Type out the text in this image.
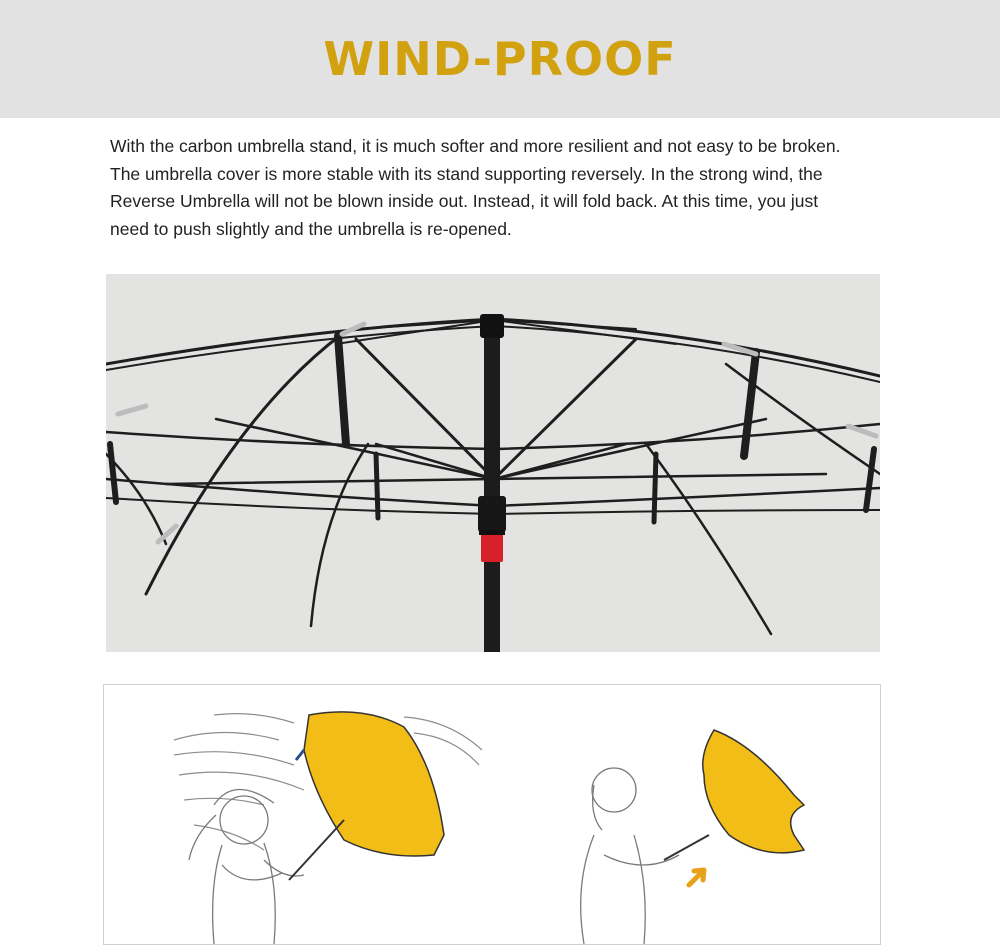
WIND-PROOF

With the carbon umbrella stand, it is much softer and more resilient and not easy to be broken.

The umbrella cover is more stable with its stand supporting reversely. In the strong wind, the

Reverse Umbrella will not be blown inside out. Instead, it will fold back. At this time, you just

need to push slightly and the umbrella is re-opened.
